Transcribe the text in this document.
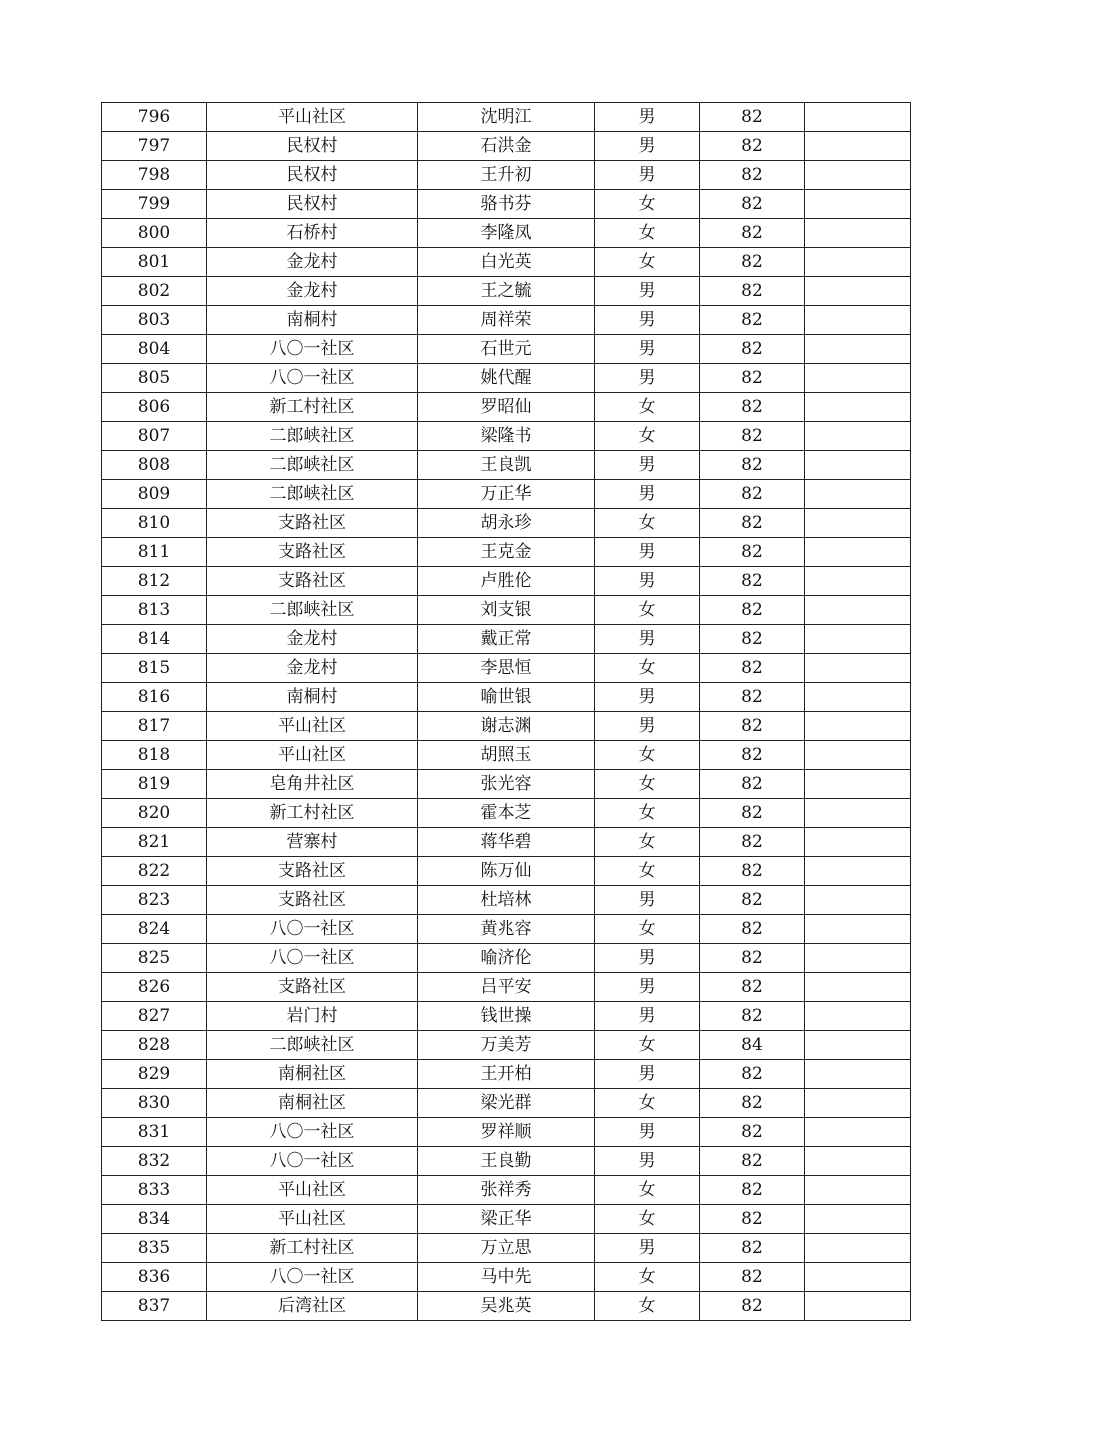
796	平山社区	沈明江	男	82	
797	民权村	石洪金	男	82	
798	民权村	王升初	男	82	
799	民权村	骆书芬	女	82	
800	石桥村	李隆凤	女	82	
801	金龙村	白光英	女	82	
802	金龙村	王之毓	男	82	
803	南桐村	周祥荣	男	82	
804	八〇一社区	石世元	男	82	
805	八〇一社区	姚代醒	男	82	
806	新工村社区	罗昭仙	女	82	
807	二郎峡社区	梁隆书	女	82	
808	二郎峡社区	王良凯	男	82	
809	二郎峡社区	万正华	男	82	
810	支路社区	胡永珍	女	82	
811	支路社区	王克金	男	82	
812	支路社区	卢胜伦	男	82	
813	二郎峡社区	刘支银	女	82	
814	金龙村	戴正常	男	82	
815	金龙村	李思恒	女	82	
816	南桐村	喻世银	男	82	
817	平山社区	谢志渊	男	82	
818	平山社区	胡照玉	女	82	
819	皂角井社区	张光容	女	82	
820	新工村社区	霍本芝	女	82	
821	营寨村	蒋华碧	女	82	
822	支路社区	陈万仙	女	82	
823	支路社区	杜培林	男	82	
824	八〇一社区	黄兆容	女	82	
825	八〇一社区	喻济伦	男	82	
826	支路社区	吕平安	男	82	
827	岩门村	钱世操	男	82	
828	二郎峡社区	万美芳	女	84	
829	南桐社区	王开柏	男	82	
830	南桐社区	梁光群	女	82	
831	八〇一社区	罗祥顺	男	82	
832	八〇一社区	王良勤	男	82	
833	平山社区	张祥秀	女	82	
834	平山社区	梁正华	女	82	
835	新工村社区	万立思	男	82	
836	八〇一社区	马中先	女	82	
837	后湾社区	吴兆英	女	82	
